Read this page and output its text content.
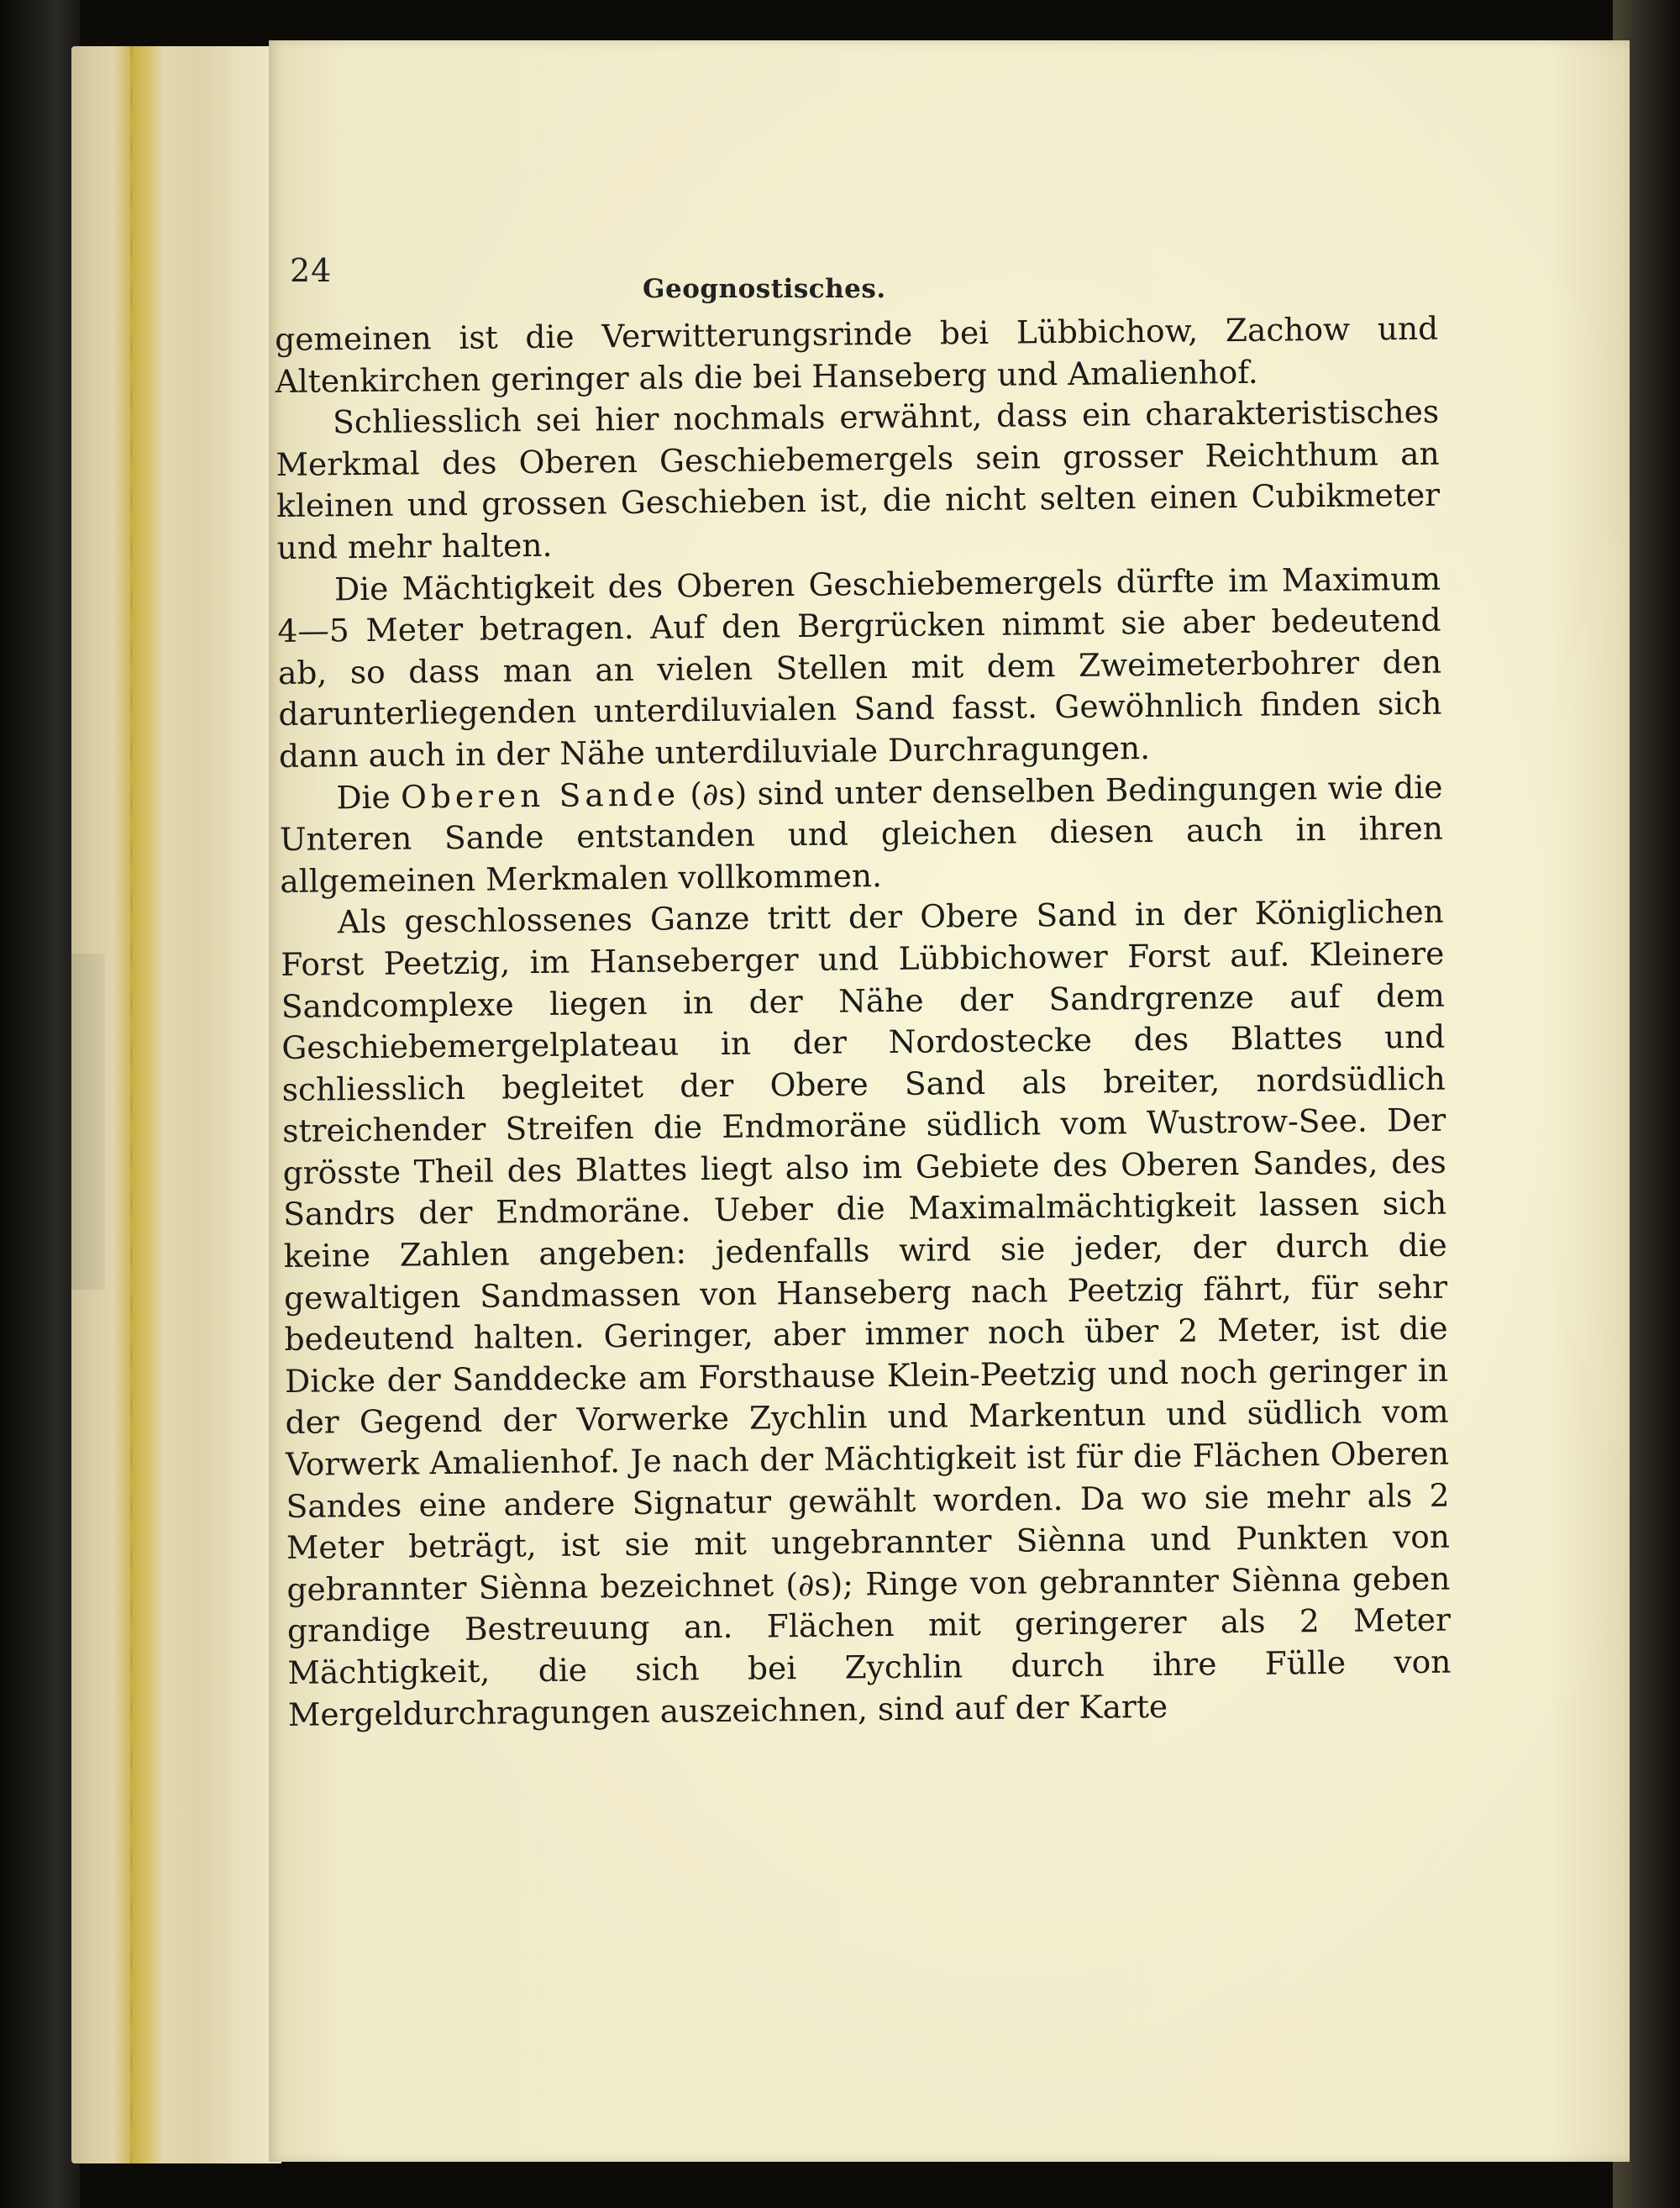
24	Geognostisches.

gemeinen ist die Verwitterungsrinde bei Lübbichow, Zachow und Altenkirchen geringer als die bei Hanseberg und Amalienhof.

Schliesslich sei hier nochmals erwähnt, dass ein charakteristisches Merkmal des Oberen Geschiebemergels sein grosser Reichthum an kleinen und grossen Geschieben ist, die nicht selten einen Cubikmeter und mehr halten.

Die Mächtigkeit des Oberen Geschiebemergels dürfte im Maximum 4—5 Meter betragen. Auf den Bergrücken nimmt sie aber bedeutend ab, so dass man an vielen Stellen mit dem Zweimeterbohrer den darunterliegenden unterdiluvialen Sand fasst. Gewöhnlich finden sich dann auch in der Nähe unterdiluviale Durchragungen.

Die Oberen Sande (∂s) sind unter denselben Bedingungen wie die Unteren Sande entstanden und gleichen diesen auch in ihren allgemeinen Merkmalen vollkommen.

Als geschlossenes Ganze tritt der Obere Sand in der Königlichen Forst Peetzig, im Hanseberger und Lübbichower Forst auf. Kleinere Sandcomplexe liegen in der Nähe der Sandrgrenze auf dem Geschiebemergelplateau in der Nordostecke des Blattes und schliesslich begleitet der Obere Sand als breiter, nordsüdlich streichender Streifen die Endmoräne südlich vom Wustrow-See. Der grösste Theil des Blattes liegt also im Gebiete des Oberen Sandes, des Sandrs der Endmoräne. Ueber die Maximalmächtigkeit lassen sich keine Zahlen angeben: jedenfalls wird sie jeder, der durch die gewaltigen Sandmassen von Hanseberg nach Peetzig fährt, für sehr bedeutend halten. Geringer, aber immer noch über 2 Meter, ist die Dicke der Sanddecke am Forsthause Klein-Peetzig und noch geringer in der Gegend der Vorwerke Zychlin und Markentun und südlich vom Vorwerk Amalienhof. Je nach der Mächtigkeit ist für die Flächen Oberen Sandes eine andere Signatur gewählt worden. Da wo sie mehr als 2 Meter beträgt, ist sie mit ungebrannter Siènna und Punkten von gebrannter Siènna bezeichnet (∂s); Ringe von gebrannter Siènna geben grandige Bestreuung an. Flächen mit geringerer als 2 Meter Mächtigkeit, die sich bei Zychlin durch ihre Fülle von Mergeldurchragungen auszeichnen, sind auf der Karte
